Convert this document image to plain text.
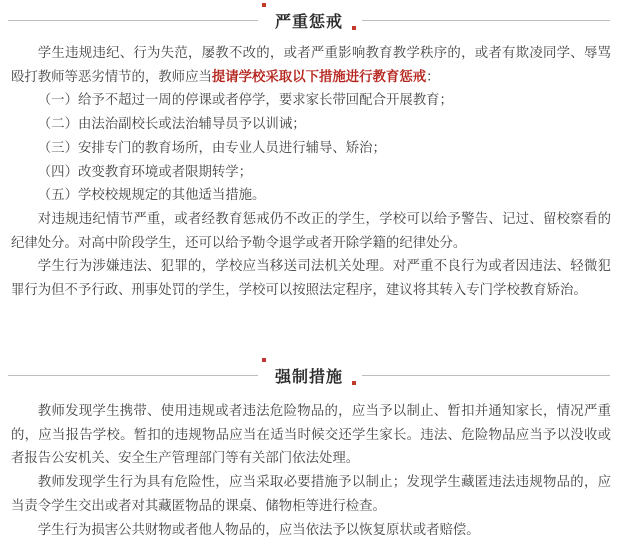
严重惩戒

学生违规违纪、行为失范，屡教不改的，或者严重影响教育教学秩序的，或者有欺凌同学、辱骂殴打教师等恶劣情节的，教师应当提请学校采取以下措施进行教育惩戒：

（一）给予不超过一周的停课或者停学，要求家长带回配合开展教育；

（二）由法治副校长或法治辅导员予以训诫；

（三）安排专门的教育场所，由专业人员进行辅导、矫治；

（四）改变教育环境或者限期转学；

（五）学校校规规定的其他适当措施。

对违规违纪情节严重，或者经教育惩戒仍不改正的学生，学校可以给予警告、记过、留校察看的纪律处分。对高中阶段学生，还可以给予勒令退学或者开除学籍的纪律处分。

学生行为涉嫌违法、犯罪的，学校应当移送司法机关处理。对严重不良行为或者因违法、轻微犯罪行为但不予行政、刑事处罚的学生，学校可以按照法定程序，建议将其转入专门学校教育矫治。

强制措施

教师发现学生携带、使用违规或者违法危险物品的，应当予以制止、暂扣并通知家长，情况严重的，应当报告学校。暂扣的违规物品应当在适当时候交还学生家长。违法、危险物品应当予以没收或者报告公安机关、安全生产管理部门等有关部门依法处理。

教师发现学生行为具有危险性，应当采取必要措施予以制止；发现学生藏匿违法违规物品的，应当责令学生交出或者对其藏匿物品的课桌、储物柜等进行检查。

学生行为损害公共财物或者他人物品的，应当依法予以恢复原状或者赔偿。
